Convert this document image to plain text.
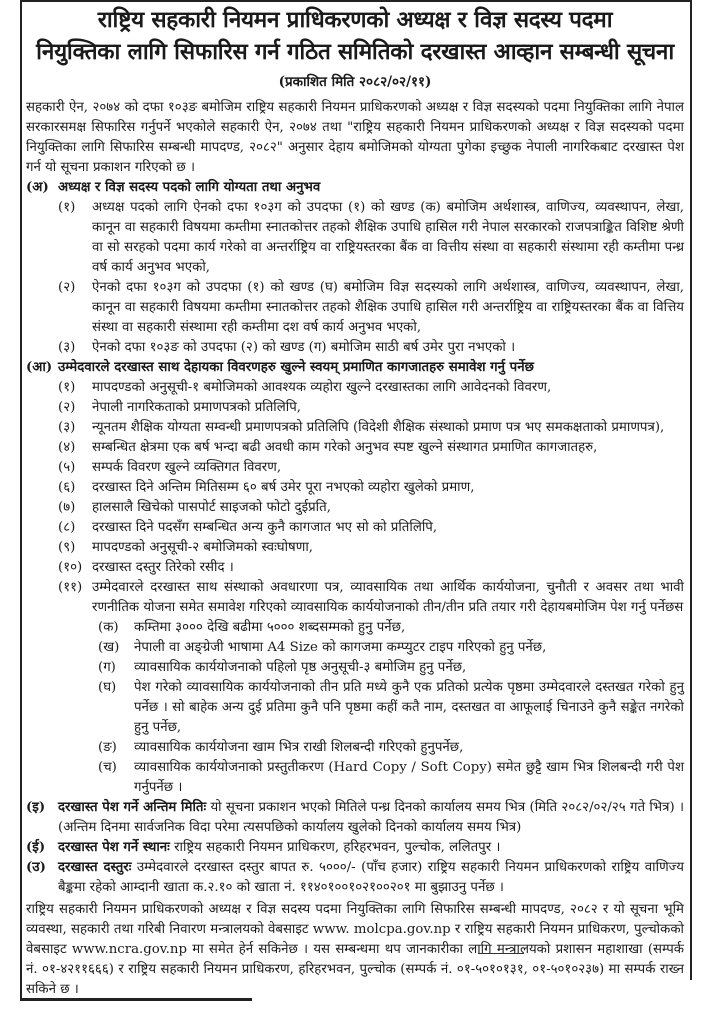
राष्ट्रिय सहकारी नियमन प्राधिकरणको अध्यक्ष र विज्ञ सदस्य पदमा
नियुक्तिका लागि सिफारिस गर्न गठित समितिको दरखास्त आव्हान सम्बन्धी सूचना
(प्रकाशित मिति २०८२/०२/११)

सहकारी ऐन, २०७४ को दफा १०३ङ बमोजिम राष्ट्रिय सहकारी नियमन प्राधिकरणको अध्यक्ष र विज्ञ सदस्यको पदमा नियुक्तिका लागि नेपाल सरकारसमक्ष सिफारिस गर्नुपर्ने भएकोले सहकारी ऐन, २०७४ तथा "राष्ट्रिय सहकारी नियमन प्राधिकरणको अध्यक्ष र विज्ञ सदस्यको पदमा नियुक्तिका लागि सिफारिस सम्बन्धी मापदण्ड, २०८२" अनुसार देहाय बमोजिमको योग्यता पुगेका इच्छुक नेपाली नागरिकबाट दरखास्त पेश गर्न यो सूचना प्रकाशन गरिएको छ ।

(अ) अध्यक्ष र विज्ञ सदस्य पदको लागि योग्यता तथा अनुभव
(१)	अध्यक्ष पदको लागि ऐनको दफा १०३ग को उपदफा (१) को खण्ड (क) बमोजिम अर्थशास्त्र, वाणिज्य, व्यवस्थापन, लेखा, कानून वा सहकारी विषयमा कम्तीमा स्नातकोत्तर तहको शैक्षिक उपाधि हासिल गरी नेपाल सरकारको राजपत्राङ्कित विशिष्ट श्रेणी वा सो सरहको पदमा कार्य गरेको वा अन्तर्राष्ट्रिय वा राष्ट्रियस्तरका बैंक वा वित्तीय संस्था वा सहकारी संस्थामा रही कम्तीमा पन्ध्र वर्ष कार्य अनुभव भएको,
(२)	ऐनको दफा १०३ग को उपदफा (१) को खण्ड (घ) बमोजिम विज्ञ सदस्यको लागि अर्थशास्त्र, वाणिज्य, व्यवस्थापन, लेखा, कानून वा सहकारी विषयमा कम्तीमा स्नातकोत्तर तहको शैक्षिक उपाधि हासिल गरी अन्तर्राष्ट्रिय वा राष्ट्रियस्तरका बैंक वा वित्तिय संस्था वा सहकारी संस्थामा रही कम्तीमा दश वर्ष कार्य अनुभव भएको,
(३)	ऐनको दफा १०३ङ को उपदफा (२) को खण्ड (ग) बमोजिम साठी बर्ष उमेर पुरा नभएको ।
(आ) उम्मेदवारले दरखास्त साथ देहायका विवरणहरु खुल्ने स्वयम् प्रमाणित कागजातहरु समावेश गर्नु पर्नेछ
(१)	मापदण्डको अनुसूची-१ बमोजिमको आवश्यक व्यहोरा खुल्ने दरखास्तका लागि आवेदनको विवरण,
(२)	नेपाली नागरिकताको प्रमाणपत्रको प्रतिलिपि,
(३)	न्यूनतम शैक्षिक योग्यता सम्वन्धी प्रमाणपत्रको प्रतिलिपि (विदेशी शैक्षिक संस्थाको प्रमाण पत्र भए समकक्षताको प्रमाणपत्र),
(४)	सम्बन्धित क्षेत्रमा एक बर्ष भन्दा बढी अवधी काम गरेको अनुभव स्पष्ट खुल्ने संस्थागत प्रमाणित कागजातहरु,
(५)	सम्पर्क विवरण खुल्ने व्यक्तिगत विवरण,
(६)	दरखास्त दिने अन्तिम मितिसम्म ६० बर्ष उमेर पूरा नभएको व्यहोरा खुलेको प्रमाण,
(७)	हालसालै खिचेको पासपोर्ट साइजको फोटो दुईप्रति,
(८)	दरखास्त दिने पदसँग सम्बन्धित अन्य कुनै कागजात भए सो को प्रतिलिपि,
(९)	मापदण्डको अनुसूची-२ बमोजिमको स्वःघोषणा,
(१०) दरखास्त दस्तुर तिरेको रसीद ।
(११) उम्मेदवारले दरखास्त साथ संस्थाको अवधारणा पत्र, व्यावसायिक तथा आर्थिक कार्ययोजना, चुनौती र अवसर तथा भावी रणनीतिक योजना समेत समावेश गरिएको व्यावसायिक कार्ययोजनाको तीन/तीन प्रति तयार गरी देहायबमोजिम पेश गर्नु पर्नेछस
(क)	कम्तिमा ३००० देखि बढीमा ५००० शब्दसम्मको हुनु पर्नेछ,
(ख)	नेपाली वा अङ्ग्रेजी भाषामा A4 Size को कागजमा कम्प्युटर टाइप गरिएको हुनु पर्नेछ,
(ग)	व्यावसायिक कार्ययोजनाको पहिलो पृष्ठ अनुसूची-३ बमोजिम हुनु पर्नेछ,
(घ)	पेश गरेको व्यावसायिक कार्ययोजनाको तीन प्रति मध्ये कुनै एक प्रतिको प्रत्येक पृष्ठमा उम्मेदवारले दस्तखत गरेको हुनु पर्नेछ । सो बाहेक अन्य दुई प्रतिमा कुनै पनि पृष्ठमा कहीं कतै नाम, दस्तखत वा आफूलाई चिनाउने कुनै सङ्केत नगरेको हुनु पर्नेछ,
(ङ)	व्यावसायिक कार्ययोजना खाम भित्र राखी शिलबन्दी गरिएको हुनुपर्नेछ,
(च)	व्यावसायिक कार्ययोजनाको प्रस्तुतीकरण (Hard Copy / Soft Copy) समेत छुट्टै खाम भित्र शिलबन्दी गरी पेश गर्नुपर्नेछ ।
(इ) दरखास्त पेश गर्ने अन्तिम मितिः यो सूचना प्रकाशन भएको मितिले पन्ध्र दिनको कार्यालय समय भित्र (मिति २०८२/०२/२५ गते भित्र) । (अन्तिम दिनमा सार्वजनिक विदा परेमा त्यसपछिको कार्यालय खुलेको दिनको कार्यालय समय भित्र)
(ई) दरखास्त पेश गर्ने स्थानः राष्ट्रिय सहकारी नियमन प्राधिकरण, हरिहरभवन, पुल्चोक, ललितपुर ।
(उ) दरखास्त दस्तुरः उम्मेदवारले दरखास्त दस्तुर बापत रु. ५०००/- (पाँच हजार) राष्ट्रिय सहकारी नियमन प्राधिकरणको राष्ट्रिय वाणिज्य बैङ्कमा रहेको आम्दानी खाता क.२.१० को खाता नं. ११४०१००१०२१००२०१ मा बुझाउनु पर्नेछ ।

राष्ट्रिय सहकारी नियमन प्राधिकरणको अध्यक्ष र विज्ञ सदस्य पदमा नियुक्तिका लागि सिफारिस सम्बन्धी मापदण्ड, २०८२ र यो सूचना भूमि व्यवस्था, सहकारी तथा गरिबी निवारण मन्त्रालयको वेबसाइट www. molcpa.gov.np र राष्ट्रिय सहकारी नियमन प्राधिकरण, पुल्चोकको वेबसाइट www.ncra.gov.np मा समेत हेर्न सकिनेछ । यस सम्बन्धमा थप जानकारीका लागि मन्त्रालयको प्रशासन महाशाखा (सम्पर्क नं. ०१-४२११६६६) र राष्ट्रिय सहकारी नियमन प्राधिकरण, हरिहरभवन, पुल्चोक (सम्पर्क नं. ०१-५०१०१३१, ०१-५०१०२३७) मा सम्पर्क राख्न सकिने छ ।
